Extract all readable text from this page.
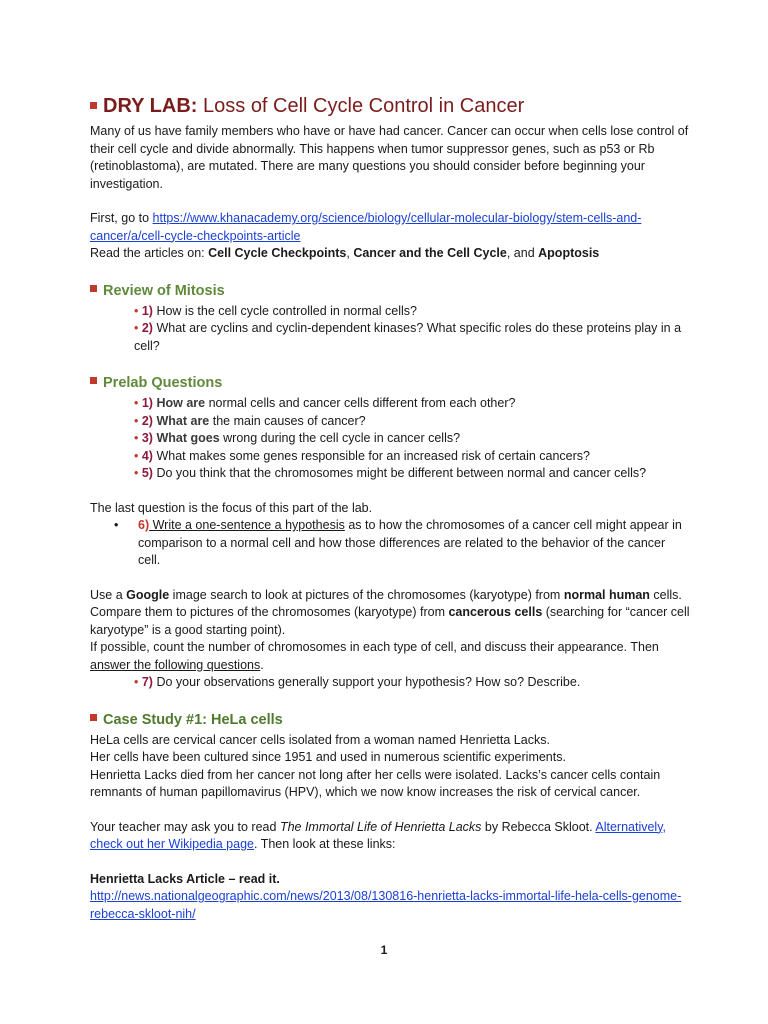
DRY LAB: Loss of Cell Cycle Control in Cancer

Many of us have family members who have or have had cancer. Cancer can occur when cells lose control of their cell cycle and divide abnormally. This happens when tumor suppressor genes, such as p53 or Rb (retinoblastoma), are mutated. There are many questions you should consider before beginning your investigation.

First, go to https://www.khanacademy.org/science/biology/cellular-molecular-biology/stem-cells-and-cancer/a/cell-cycle-checkpoints-article

Read the articles on: Cell Cycle Checkpoints, Cancer and the Cell Cycle, and Apoptosis

Review of Mitosis
• 1) How is the cell cycle controlled in normal cells?
• 2) What are cyclins and cyclin-dependent kinases? What specific roles do these proteins play in a cell?
Prelab Questions
• 1) How are normal cells and cancer cells different from each other?
• 2) What are the main causes of cancer?
• 3) What goes wrong during the cell cycle in cancer cells?
• 4) What makes some genes responsible for an increased risk of certain cancers?
• 5) Do you think that the chromosomes might be different between normal and cancer cells?

The last question is the focus of this part of the lab.

• 6) Write a one-sentence a hypothesis as to how the chromosomes of a cancer cell might appear in comparison to a normal cell and how those differences are related to the behavior of the cancer cell.

Use a Google image search to look at pictures of the chromosomes (karyotype) from normal human cells. Compare them to pictures of the chromosomes (karyotype) from cancerous cells (searching for “cancer cell karyotype” is a good starting point).

If possible, count the number of chromosomes in each type of cell, and discuss their appearance. Then answer the following questions.

• 7) Do your observations generally support your hypothesis? How so? Describe.
Case Study #1: HeLa cells

HeLa cells are cervical cancer cells isolated from a woman named Henrietta Lacks.

Her cells have been cultured since 1951 and used in numerous scientific experiments.

Henrietta Lacks died from her cancer not long after her cells were isolated. Lacks’s cancer cells contain remnants of human papillomavirus (HPV), which we now know increases the risk of cervical cancer.

Your teacher may ask you to read The Immortal Life of Henrietta Lacks by Rebecca Skloot. Alternatively, check out her Wikipedia page. Then look at these links:

Henrietta Lacks Article – read it.

http://news.nationalgeographic.com/news/2013/08/130816-henrietta-lacks-immortal-life-hela-cells-genome-rebecca-skloot-nih/

1
